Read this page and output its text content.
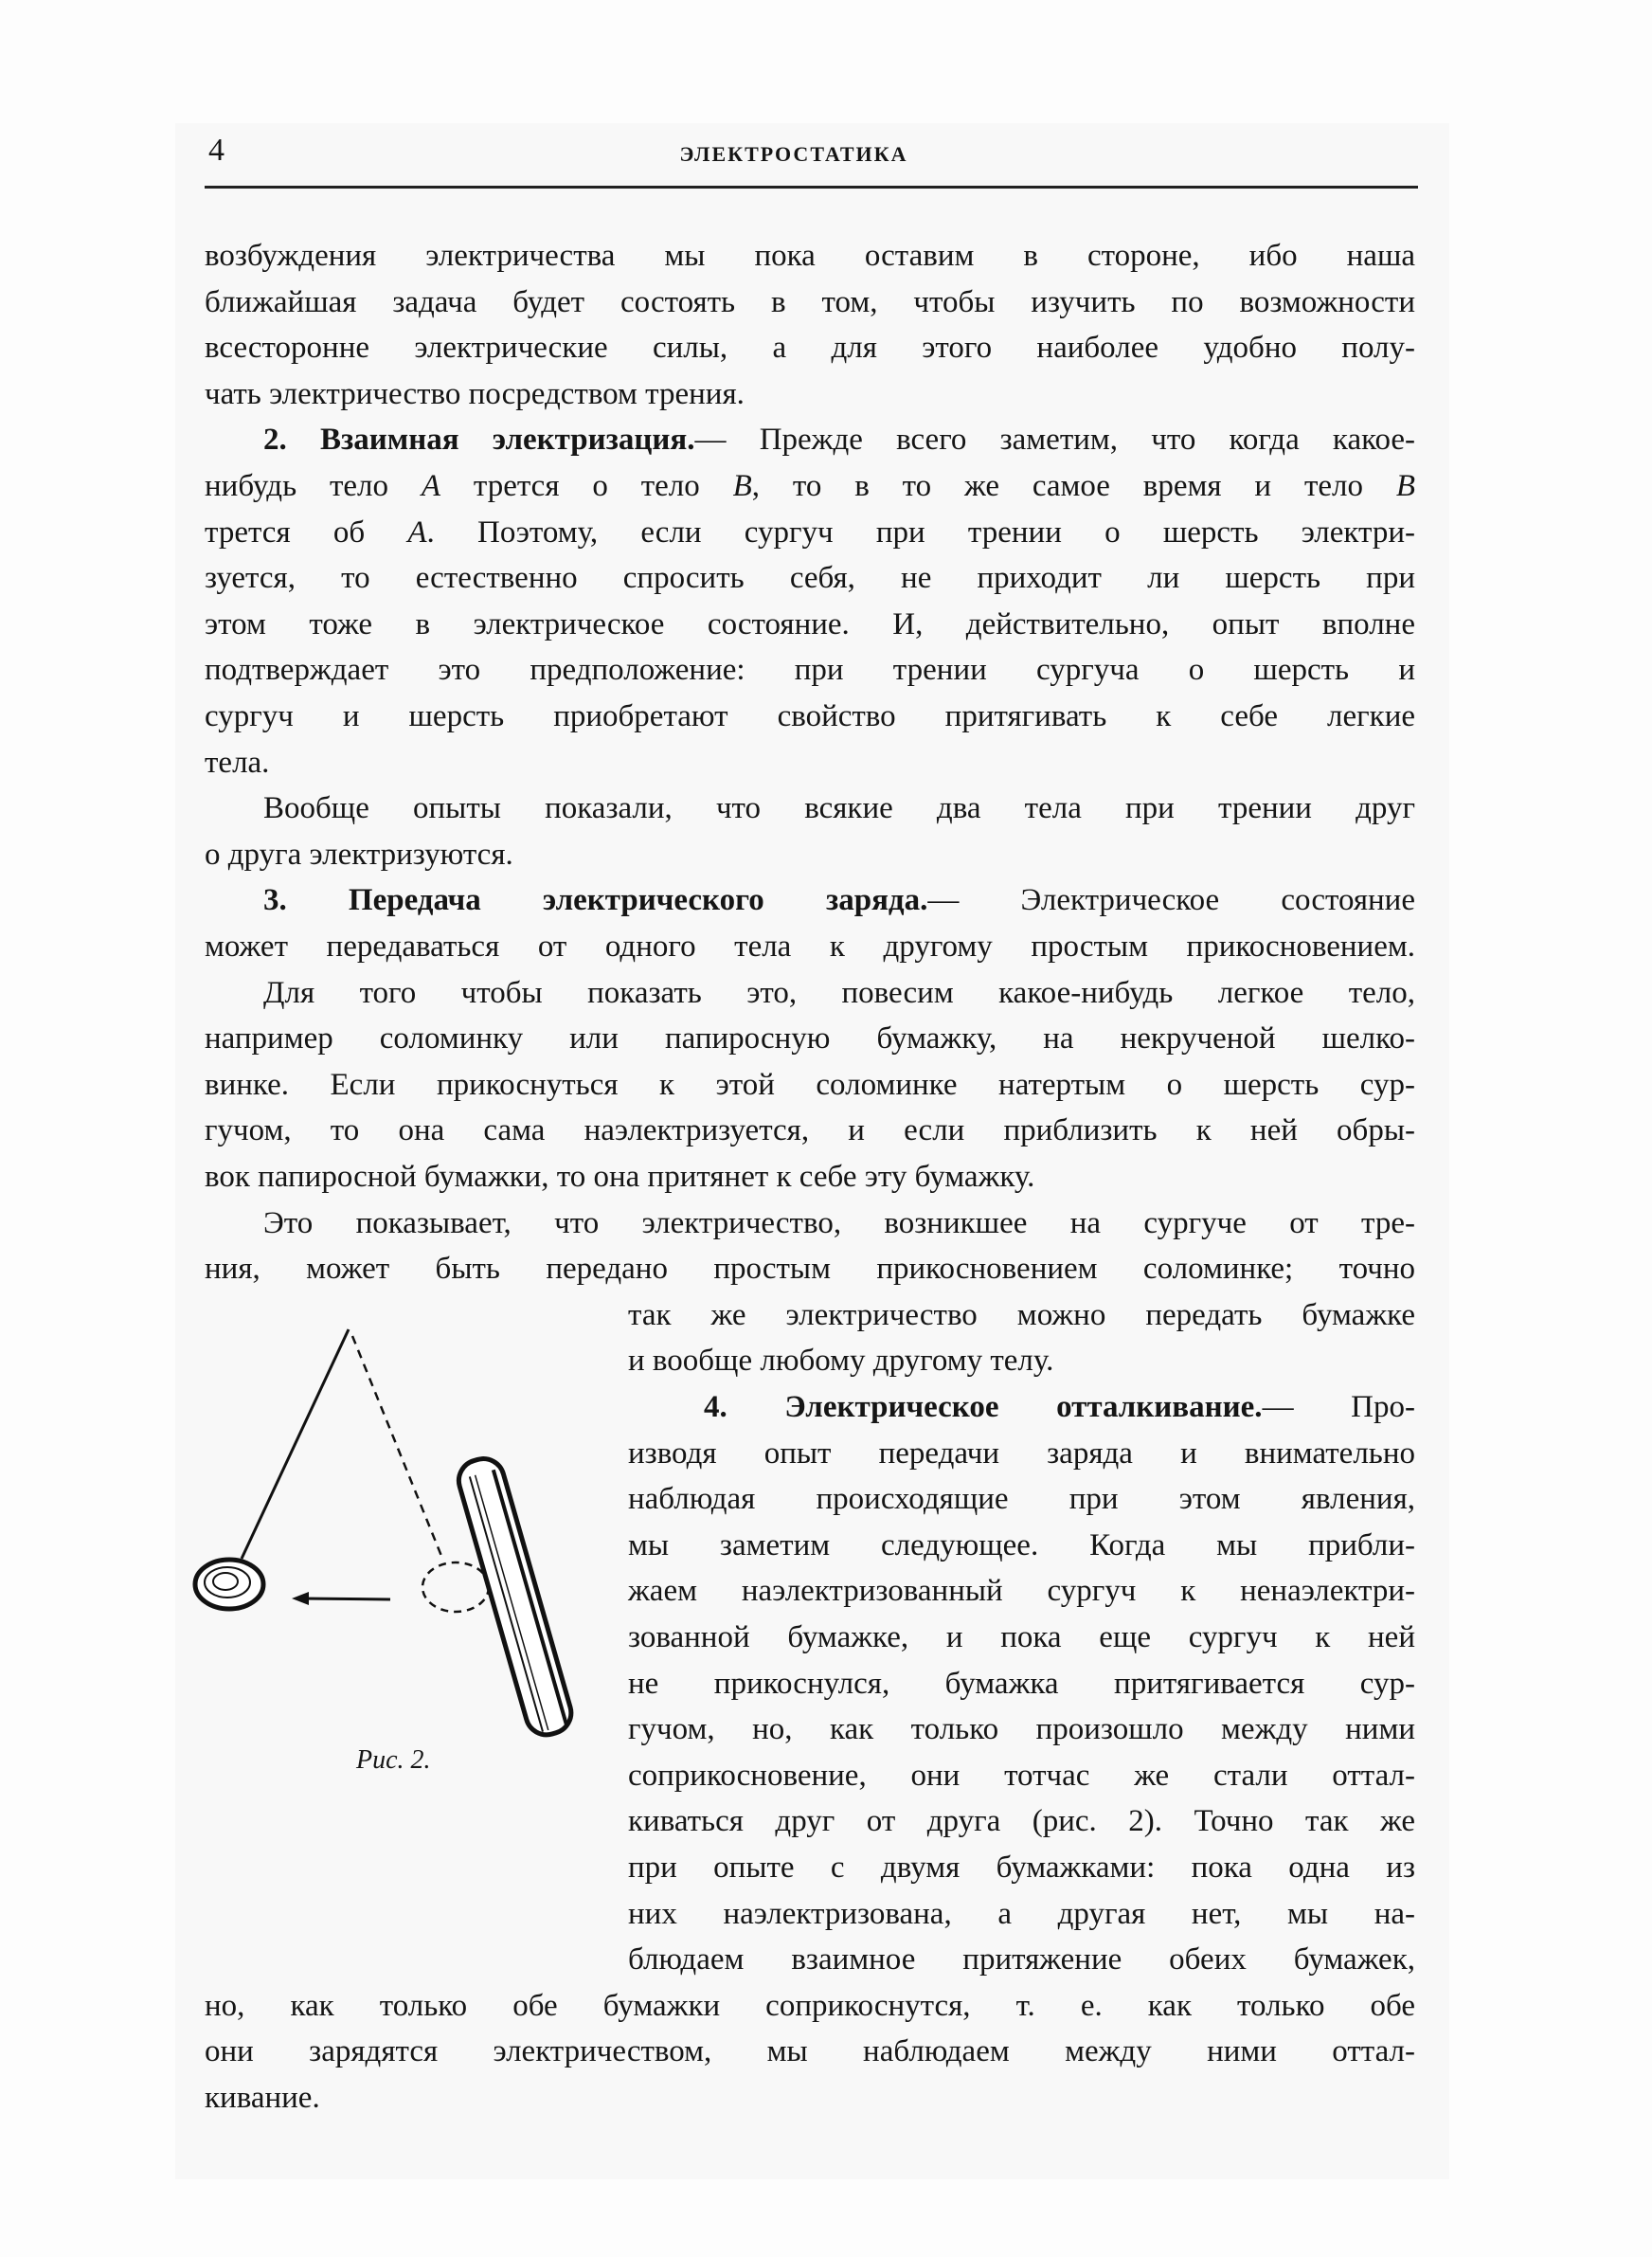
4	ЭЛЕКТРОСТАТИКА
возбуждения электричества мы пока оставим в стороне, ибо наша
ближайшая задача будет состоять в том, чтобы изучить по возможности
всесторонне электрические силы, а для этого наиболее удобно полу-
чать электричество посредством трения.
2. Взаимная электризация.— Прежде всего заметим, что когда какое-
нибудь тело A трется о тело B, то в то же самое время и тело B
трется об A. Поэтому, если сургуч при трении о шерсть электри-
зуется, то естественно спросить себя, не приходит ли шерсть при
этом тоже в электрическое состояние. И, действительно, опыт вполне
подтверждает это предположение: при трении сургуча о шерсть и
сургуч и шерсть приобретают свойство притягивать к себе легкие
тела.
Вообще опыты показали, что всякие два тела при трении друг
о друга электризуются.
3. Передача электрического заряда.— Электрическое состояние
может передаваться от одного тела к другому простым прикосновением.
Для того чтобы показать это, повесим какое-нибудь легкое тело,
например соломинку или папиросную бумажку, на некрученой шелко-
винке. Если прикоснуться к этой соломинке натертым о шерсть сур-
гучом, то она сама наэлектризуется, и если приблизить к ней обры-
вок папиросной бумажки, то она притянет к себе эту бумажку.
Это показывает, что электричество, возникшее на сургуче от тре-
ния, может быть передано простым прикосновением соломинке; точно
так же электричество можно передать бумажке
и вообще любому другому телу.
4. Электрическое отталкивание.— Про-
изводя опыт передачи заряда и внимательно
наблюдая происходящие при этом явления,
мы заметим следующее. Когда мы прибли-
жаем наэлектризованный сургуч к ненаэлектри-
зованной бумажке, и пока еще сургуч к ней
не прикоснулся, бумажка притягивается сур-
гучом, но, как только произошло между ними
соприкосновение, они тотчас же стали оттал-
киваться друг от друга (рис. 2). Точно так же
при опыте с двумя бумажками: пока одна из
них наэлектризована, а другая нет, мы на-
блюдаем взаимное притяжение обеих бумажек,
но, как только обе бумажки соприкоснутся, т. е. как только обе
они зарядятся электричеством, мы наблюдаем между ними оттал-
кивание.
Рис. 2.
